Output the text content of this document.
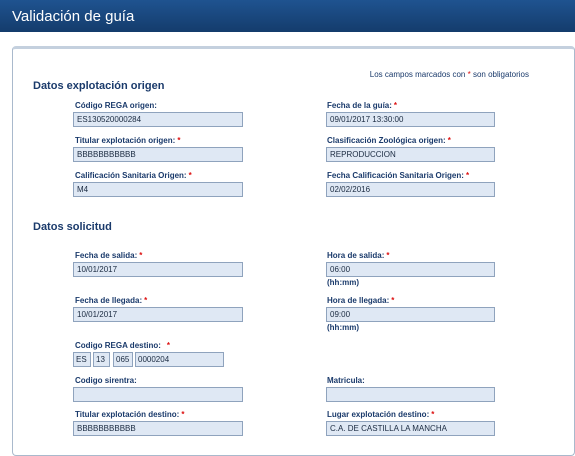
Validación de guía
Los campos marcados con * son obligatorios
Datos explotación origen
Código REGA origen:
ES130520000284	Fecha de la guía: *
09/01/2017 13:30:00
Titular explotación origen: *
BBBBBBBBBBB	Clasificación Zoológica origen: *
REPRODUCCION
Calificación Sanitaria Origen: *
M4	Fecha Calificación Sanitaria Origen: *
02/02/2016
Datos solicitud
Fecha de salida: *
10/01/2017	Hora de salida: *
06:00
(hh:mm)
Fecha de llegada: *
10/01/2017	Hora de llegada: *
09:00
(hh:mm)
Codigo REGA destino: *
ES
13
065
0000204
Codigo sirentra:	Matricula:
Titular explotación destino: *
BBBBBBBBBBB	Lugar explotación destino: *
C.A. DE CASTILLA LA MANCHA
